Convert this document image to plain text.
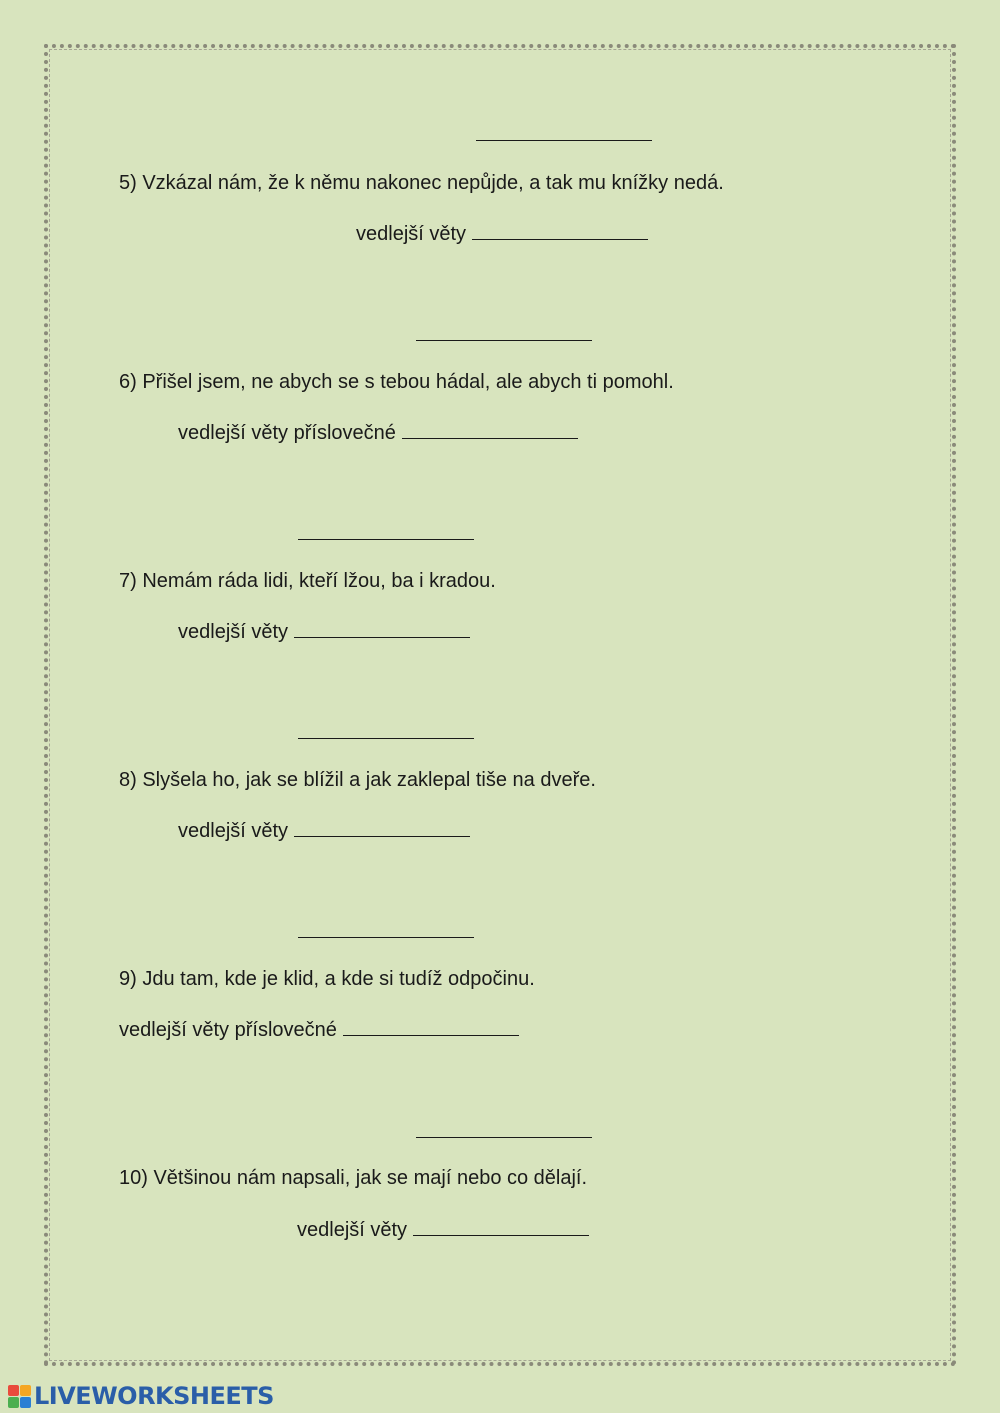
5) Vzkázal nám, že k němu nakonec nepůjde, a tak mu knížky nedá.
vedlejší věty
6) Přišel jsem, ne abych se s tebou hádal, ale abych ti pomohl.
vedlejší věty příslovečné
7) Nemám ráda lidi, kteří lžou, ba i kradou.
vedlejší věty
8) Slyšela ho, jak se blížil a jak zaklepal tiše na dveře.
vedlejší věty
9) Jdu tam, kde je klid, a kde si tudíž odpočinu.
vedlejší věty příslovečné
10) Většinou nám napsali, jak se mají nebo co dělají.
vedlejší věty
LIVEWORKSHEETS
